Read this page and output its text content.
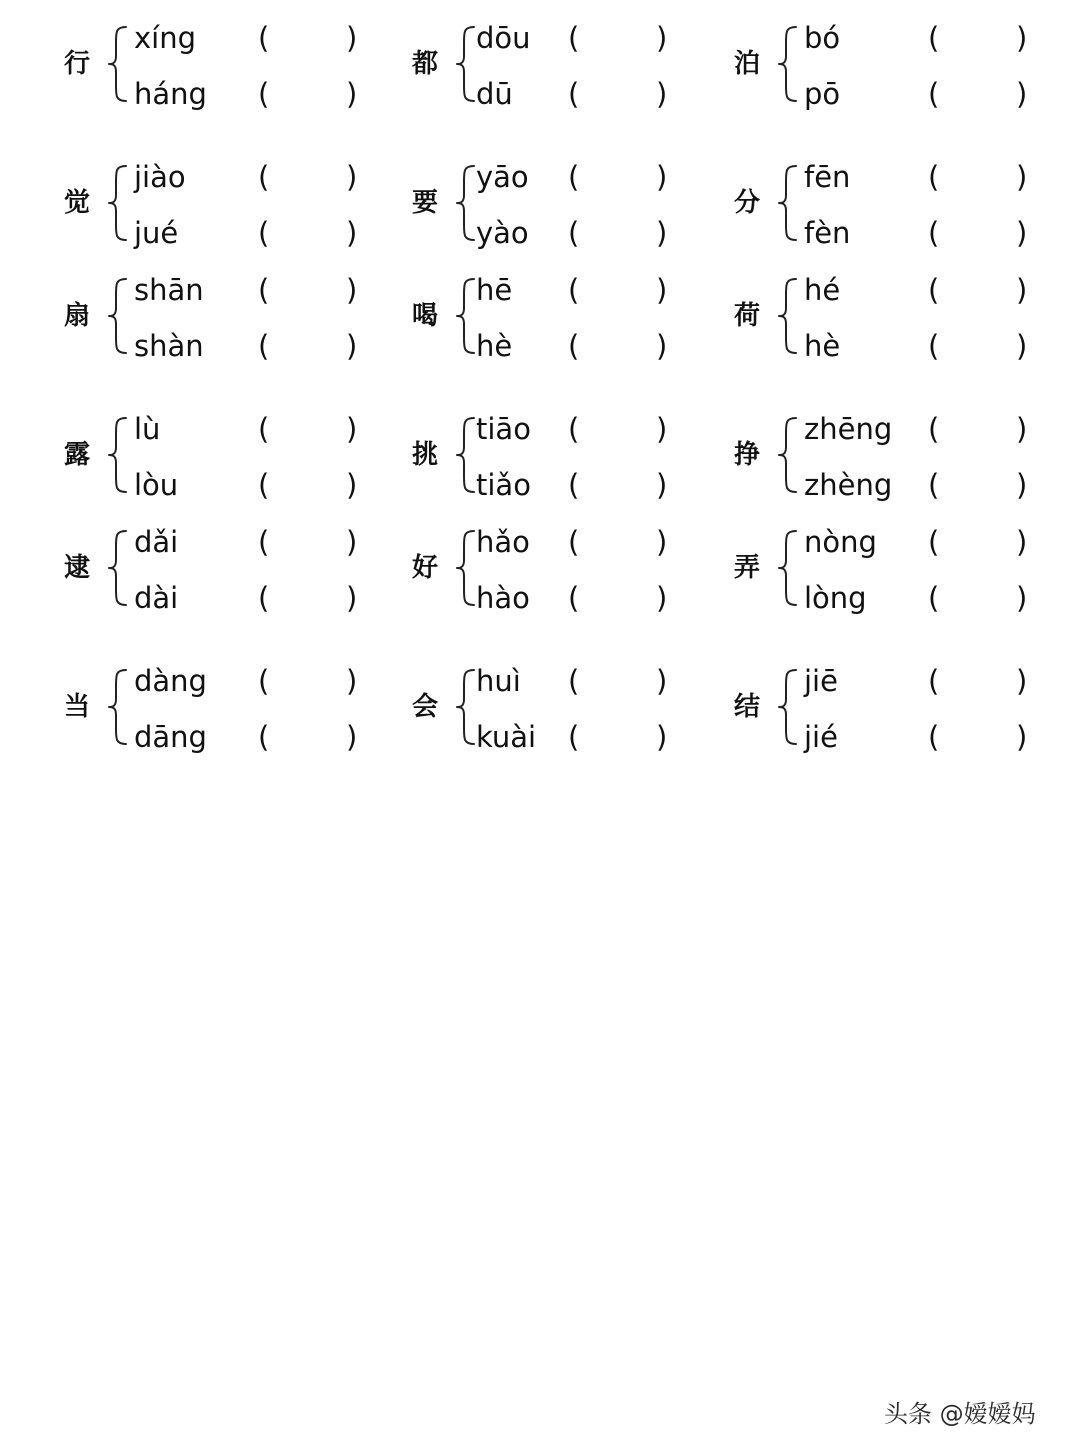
行
xíng (	)
háng (	)
都
dōu (	)
dū (	)
泊
bó	(	)
pō	(	)
觉
jiào (	)
jué	(	)
要
yāo (	)
yào (	)
分
fēn	(	)
fèn	(	)
扇
shān (	)
shàn (	)
喝
hē (	)
hè (	)
荷
hé	(	)
hè	(	)
露
lù	(	)
lòu	(	)
挑
tiāo (	)
tiǎo (	)
挣
zhēng (	)
zhèng (	)
逮
dǎi	(	)
dài	(	)
好
hǎo (	)
hào (	)
弄
nòng (	)
lòng (	)
当
dàng (	)
dāng (	)
会
huì (	)
kuài (	)
结
jiē	(	)
jié	(	)
头条 @嫒嫒妈
